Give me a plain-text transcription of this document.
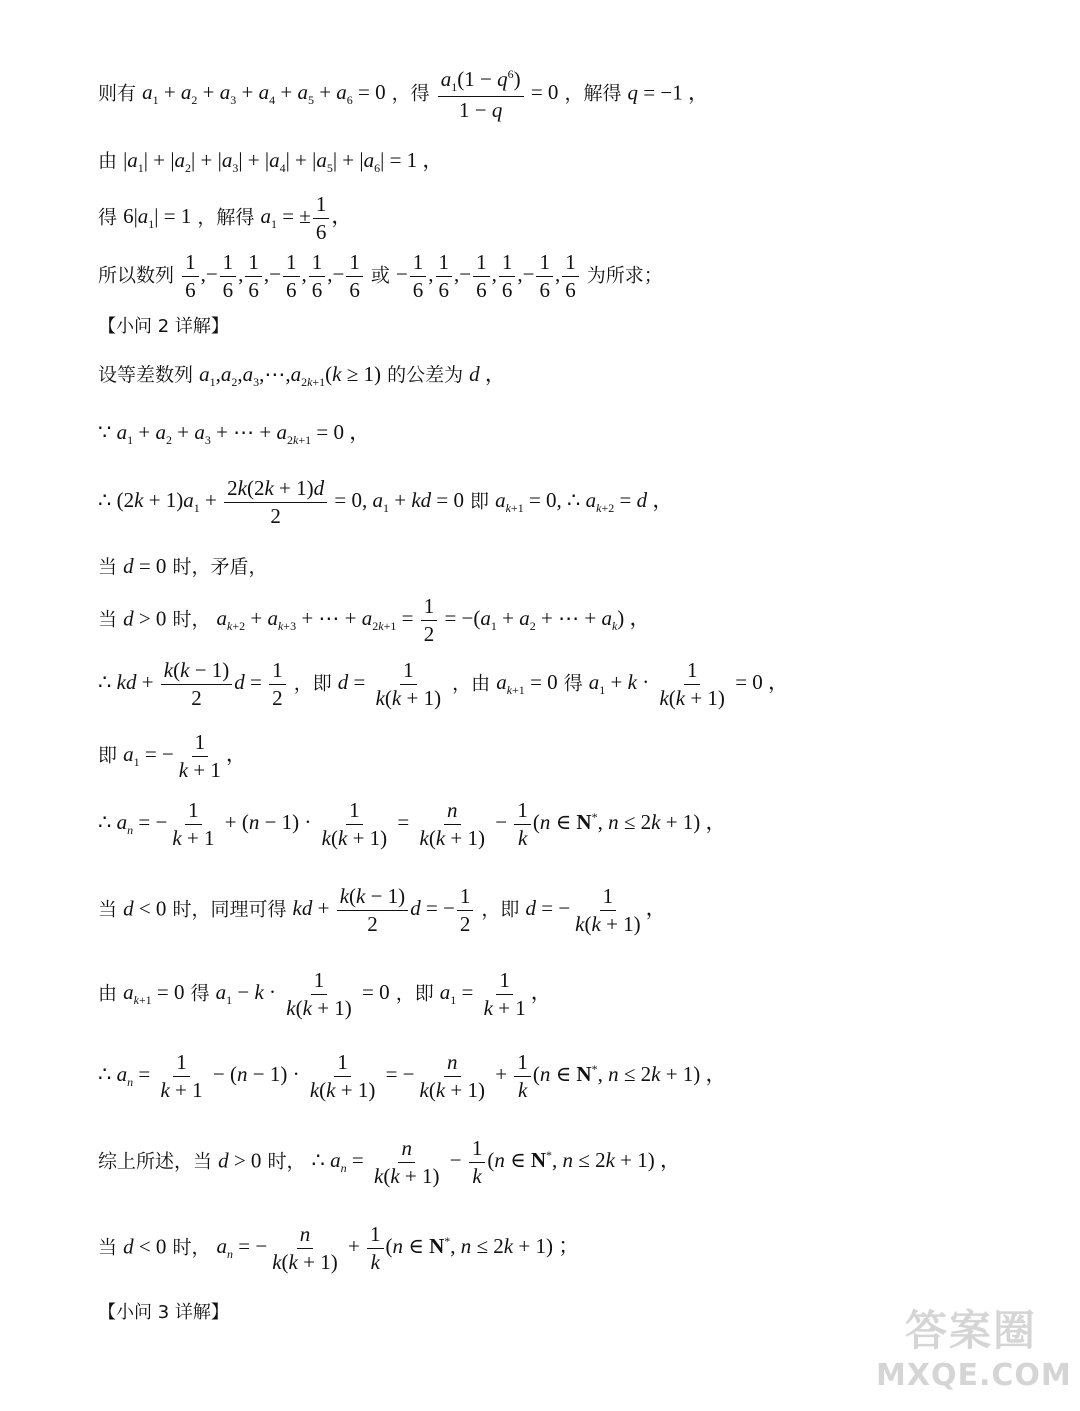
则有 $a_1 + a_2 + a_3 + a_4 + a_5 + a_6 = 0$ ，得 $\frac{a_1(1 - q^6)}{1 - q} = 0$ ，解得 q = −1 ，
由 $|a_1| + |a_2| + |a_3| + |a_4| + |a_5| + |a_6| = 1$ ，
得 $6|a_1| = 1$ ，解得 $a_1$ = ± $\frac{1}{6}$ ，
所以数列 $\frac{1}{6}$ ,− $\frac{1}{6}$ , $\frac{1}{6}$ ,− $\frac{1}{6}$ , $\frac{1}{6}$ ,− $\frac{1}{6}$ 或 − $\frac{1}{6}$ , $\frac{1}{6}$ ,− $\frac{1}{6}$ , $\frac{1}{6}$ ,− $\frac{1}{6}$ , $\frac{1}{6}$ 为所求；
【小问 2 详解】
设等差数列 $a_1,a_2,a_3,\cdots,a_{2k+1}(k \ge 1)$ 的公差为 d ，
∵ $a_1 + a_2 + a_3$ + ⋯ + $a_{2k+1} = 0$ ，
∴ $(2k + 1)a_1 + \frac{2k(2k + 1)d}{2} = 0$, $a_1$ + kd = 0 即 $a_{k+1} = 0$, ∴ $a_{k+2} = d$ ，
当 d = 0 时，矛盾，
当 d > 0 时， $a_{k+2} + a_{k+3}$ + ⋯ + $a_{2k+1} = \frac{1}{2} = -(a_1 + a_2$ + ⋯ + $a_k$) ，
∴ kd + $\frac{k(k - 1)}{2}$ $d = \frac{1}{2}$ ，即 $d = \frac{1}{k(k + 1)}$ ，由 $a_{k+1} = 0$ 得 $a_1 + k \cdot \frac{1}{k(k + 1)} = 0$ ，
即 $a_1$ = − $\frac{1}{k + 1}$ ，
∴ $a_n$ = − $\frac{1}{k + 1} + (n - 1) \cdot \frac{1}{k(k + 1)} = \frac{n}{k(k + 1)} - \frac{1}{k} (n$ ∈ N*, n ≤ 2k + 1) ，
当 d < 0 时，同理可得 kd + $\frac{k(k - 1)}{2}$ d = − $\frac{1}{2}$ ，即 d = − $\frac{1}{k(k + 1)}$ ，
由 $a_{k+1} = 0$ 得 $a_1 - k \cdot \frac{1}{k(k + 1)} = 0$ ，即 $a_1 = \frac{1}{k + 1}$ ，
∴ $a_n = \frac{1}{k + 1} - (n - 1) \cdot \frac{1}{k(k + 1)}$ = − $\frac{n}{k(k + 1)} + \frac{1}{k} (n$ ∈ N*, n ≤ 2k + 1) ，
综上所述，当 d > 0 时， ∴ $a_n = \frac{n}{k(k + 1)} - \frac{1}{k} (n$ ∈ N*, n ≤ 2k + 1) ，
当 d < 0 时， $a_n$ = − $\frac{n}{k(k + 1)} + \frac{1}{k} (n$ ∈ N*, n ≤ 2k + 1) ；
【小问 3 详解】	答案圈
MXQE.COM
